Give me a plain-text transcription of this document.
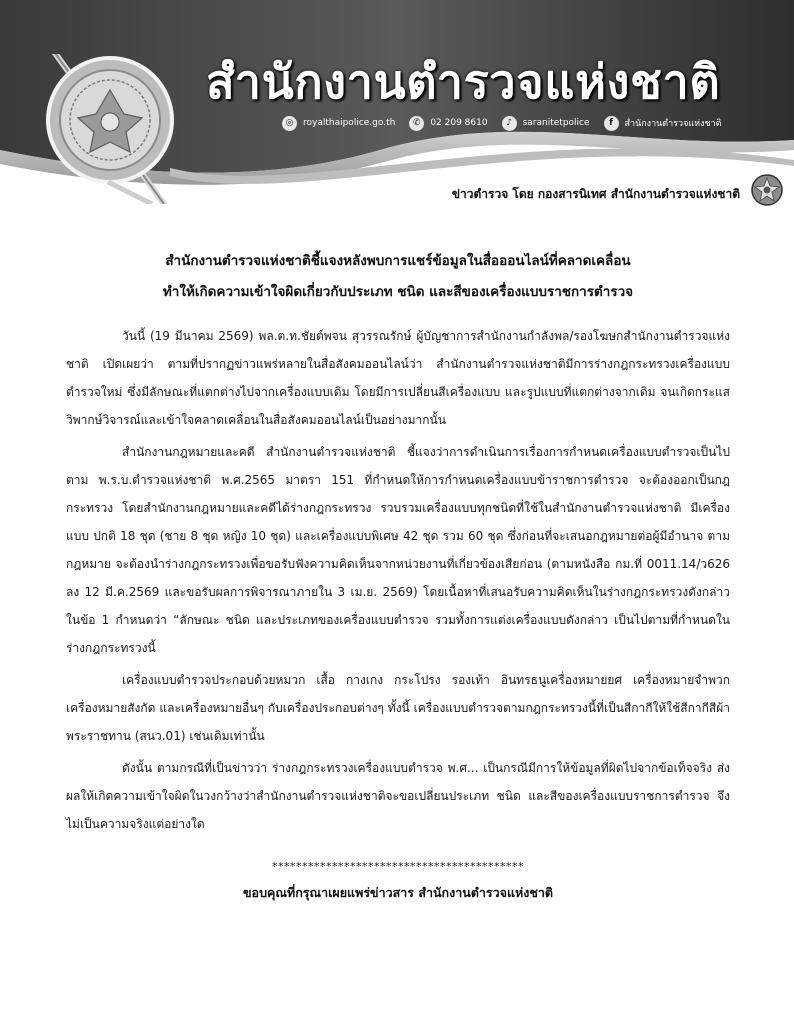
สำนักงานตำรวจแห่งชาติ
◎	royalthaipolice.go.th	✆	02 209 8610	♪	saranitetpolice	f	สำนักงานตำรวจแห่งชาติ
ข่าวตำรวจ โดย กองสารนิเทศ สำนักงานตำรวจแห่งชาติ
สำนักงานตำรวจแห่งชาติชี้แจงหลังพบการแชร์ข้อมูลในสื่อออนไลน์ที่คลาดเคลื่อน
ทำให้เกิดความเข้าใจผิดเกี่ยวกับประเภท ชนิด และสีของเครื่องแบบราชการตำรวจ

วันนี้ (19 มีนาคม 2569) พล.ต.ท.ชัยต์พจน สุวรรณรักษ์ ผู้บัญชาการสำนักงานกำลังพล/รองโฆษกสำนักงานตำรวจแห่งชาติ เปิดเผยว่า ตามที่ปรากฏข่าวแพร่หลายในสื่อสังคมออนไลน์ว่า สำนักงานตำรวจแห่งชาติมีการร่างกฎกระทรวงเครื่องแบบตำรวจใหม่ ซึ่งมีลักษณะที่แตกต่างไปจากเครื่องแบบเดิม โดยมีการเปลี่ยนสีเครื่องแบบ และรูปแบบที่แตกต่างจากเดิม จนเกิดกระแสวิพากษ์วิจารณ์และเข้าใจคลาดเคลื่อนในสื่อสังคมออนไลน์เป็นอย่างมากนั้น

สำนักงานกฎหมายและคดี สำนักงานตำรวจแห่งชาติ ชี้แจงว่าการดำเนินการเรื่องการกำหนดเครื่องแบบตำรวจเป็นไปตาม พ.ร.บ.ตำรวจแห่งชาติ พ.ศ.2565 มาตรา 151 ที่กำหนดให้การกำหนดเครื่องแบบข้าราชการตำรวจ จะต้องออกเป็นกฎกระทรวง โดยสำนักงานกฎหมายและคดีได้ร่างกฎกระทรวง รวบรวมเครื่องแบบทุกชนิดที่ใช้ในสำนักงานตำรวจแห่งชาติ มีเครื่องแบบ ปกติ 18 ชุด (ชาย 8 ชุด หญิง 10 ชุด) และเครื่องแบบพิเศษ 42 ชุด รวม 60 ชุด ซึ่งก่อนที่จะเสนอกฎหมายต่อผู้มีอำนาจ ตามกฎหมาย จะต้องนำร่างกฎกระทรวงเพื่อขอรับฟังความคิดเห็นจากหน่วยงานที่เกี่ยวข้องเสียก่อน (ตามหนังสือ กม.ที่ 0011.14/ว626 ลง 12 มี.ค.2569 และขอรับผลการพิจารณาภายใน 3 เม.ย. 2569) โดยเนื้อหาที่เสนอรับความคิดเห็นในร่างกฎกระทรวงดังกล่าว ในข้อ 1 กำหนดว่า “ลักษณะ ชนิด และประเภทของเครื่องแบบตำรวจ รวมทั้งการแต่งเครื่องแบบดังกล่าว เป็นไปตามที่กำหนดในร่างกฎกระทรวงนี้

เครื่องแบบตำรวจประกอบด้วยหมวก เสื้อ กางเกง กระโปรง รองเท้า อินทรธนูเครื่องหมายยศ เครื่องหมายจำพวก เครื่องหมายสังกัด และเครื่องหมายอื่นๆ กับเครื่องประกอบต่างๆ ทั้งนี้ เครื่องแบบตำรวจตามกฎกระทรวงนี้ที่เป็นสีกากีให้ใช้สีกากีสีผ้าพระราชทาน (สนว.01) เช่นเดิมเท่านั้น

ดังนั้น ตามกรณีที่เป็นข่าวว่า ร่างกฎกระทรวงเครื่องแบบตำรวจ พ.ศ... เป็นกรณีมีการให้ข้อมูลที่ผิดไปจากข้อเท็จจริง ส่งผลให้เกิดความเข้าใจผิดในวงกว้างว่าสำนักงานตำรวจแห่งชาติจะขอเปลี่ยนประเภท ชนิด และสีของเครื่องแบบราชการตำรวจ จึงไม่เป็นความจริงแต่อย่างใด

******************************************
ขอบคุณที่กรุณาเผยแพร่ข่าวสาร สำนักงานตำรวจแห่งชาติ
